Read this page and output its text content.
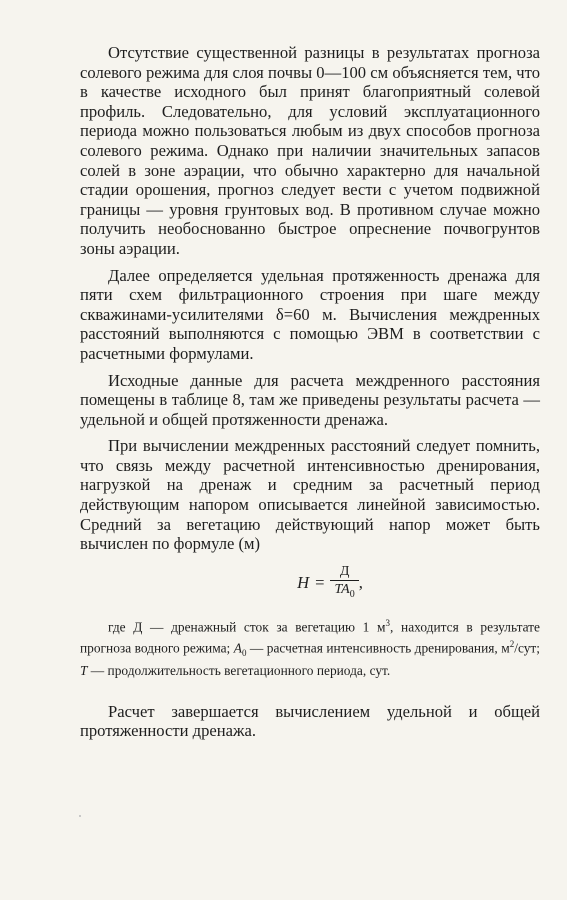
Отсутствие существенной разницы в результатах прогноза солевого режима для слоя почвы 0—100 см объясняется тем, что в качестве исходного был принят благоприятный солевой профиль. Следовательно, для условий эксплуатационного периода можно пользоваться любым из двух способов прогноза солевого режима. Однако при наличии значительных запасов солей в зоне аэрации, что обычно характерно для начальной стадии орошения, прогноз следует вести с учетом подвижной границы — уровня грунтовых вод. В противном случае можно получить необоснованно быстрое опреснение почвогрунтов зоны аэрации.

Далее определяется удельная протяженность дренажа для пяти схем фильтрационного строения при шаге между скважинами-усилителями δ=60 м. Вычисления междренных расстояний выполняются с помощью ЭВМ в соответствии с расчетными формулами.

Исходные данные для расчета междренного расстояния помещены в таблице 8, там же приведены результаты расчета — удельной и общей протяженности дренажа.

При вычислении междренных расстояний следует помнить, что связь между расчетной интенсивностью дренирования, нагрузкой на дренаж и средним за расчетный период действующим напором описывается линейной зависимостью. Средний за вегетацию действующий напор может быть вычислен по формуле (м)

$H = \frac{Д}{TA_0}$ ,

где Д — дренажный сток за вегетацию 1 $м^3$, находится в результате прогноза водного режима; $A_0$ — расчетная интенсивность дренирования, $м^2$/сут; T — продолжительность вегетационного периода, сут.

Расчет завершается вычислением удельной и общей протяженности дренажа.
